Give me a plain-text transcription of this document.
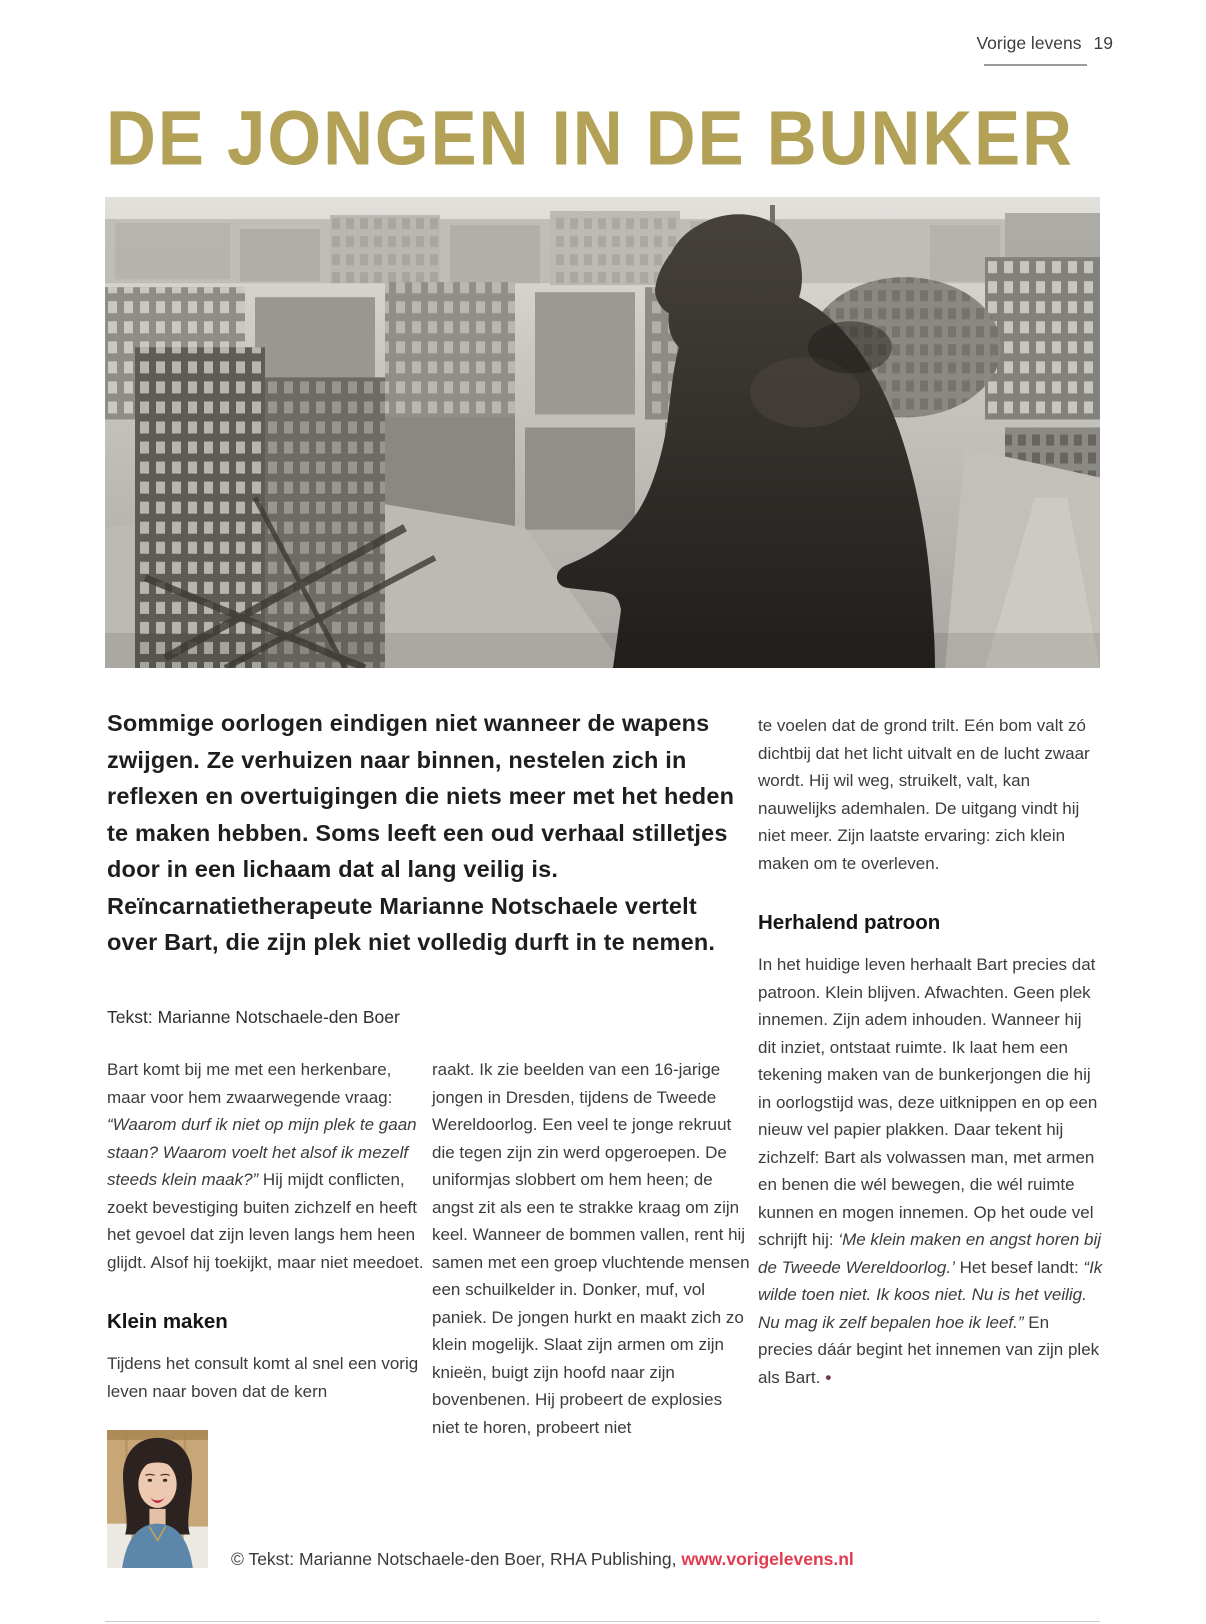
Vorige levens 19
DE JONGEN IN DE BUNKER
Sommige oorlogen eindigen niet wanneer de wapens zwijgen. Ze verhuizen naar binnen, nestelen zich in reflexen en overtuigingen die niets meer met het heden te maken hebben. Soms leeft een oud verhaal stilletjes door in een lichaam dat al lang veilig is. Reïncarnatietherapeute Marianne Notschaele vertelt over Bart, die zijn plek niet volledig durft in te nemen.
Tekst: Marianne Notschaele-den Boer

Bart komt bij me met een herkenbare, maar voor hem zwaarwegende vraag: “Waarom durf ik niet op mijn plek te gaan staan? Waarom voelt het alsof ik mezelf steeds klein maak?” Hij mijdt conflicten, zoekt bevestiging buiten zichzelf en heeft het gevoel dat zijn leven langs hem heen glijdt. Alsof hij toekijkt, maar niet meedoet.

Klein maken

Tijdens het consult komt al snel een vorig leven naar boven dat de kern

raakt. Ik zie beelden van een 16-jarige jongen in Dresden, tijdens de Tweede Wereldoorlog. Een veel te jonge rekruut die tegen zijn zin werd opgeroepen. De uniformjas slobbert om hem heen; de angst zit als een te strakke kraag om zijn keel. Wanneer de bommen vallen, rent hij samen met een groep vluchtende mensen een schuilkelder in. Donker, muf, vol paniek. De jongen hurkt en maakt zich zo klein mogelijk. Slaat zijn armen om zijn knieën, buigt zijn hoofd naar zijn bovenbenen. Hij probeert de explosies niet te horen, probeert niet

te voelen dat de grond trilt. Eén bom valt zó dichtbij dat het licht uitvalt en de lucht zwaar wordt. Hij wil weg, struikelt, valt, kan nauwelijks ademhalen. De uitgang vindt hij niet meer. Zijn laatste ervaring: zich klein maken om te overleven.

Herhalend patroon

In het huidige leven herhaalt Bart precies dat patroon. Klein blijven. Afwachten. Geen plek innemen. Zijn adem inhouden. Wanneer hij dit inziet, ontstaat ruimte. Ik laat hem een tekening maken van de bunkerjongen die hij in oorlogstijd was, deze uitknippen en op een nieuw vel papier plakken. Daar tekent hij zichzelf: Bart als volwassen man, met armen en benen die wél bewegen, die wél ruimte kunnen en mogen innemen. Op het oude vel schrijft hij: ‘Me klein maken en angst horen bij de Tweede Wereldoorlog.’ Het besef landt: “Ik wilde toen niet. Ik koos niet. Nu is het veilig. Nu mag ik zelf bepalen hoe ik leef.” En precies dáár begint het innemen van zijn plek als Bart. •

© Tekst: Marianne Notschaele-den Boer, RHA Publishing, www.vorigelevens.nl
